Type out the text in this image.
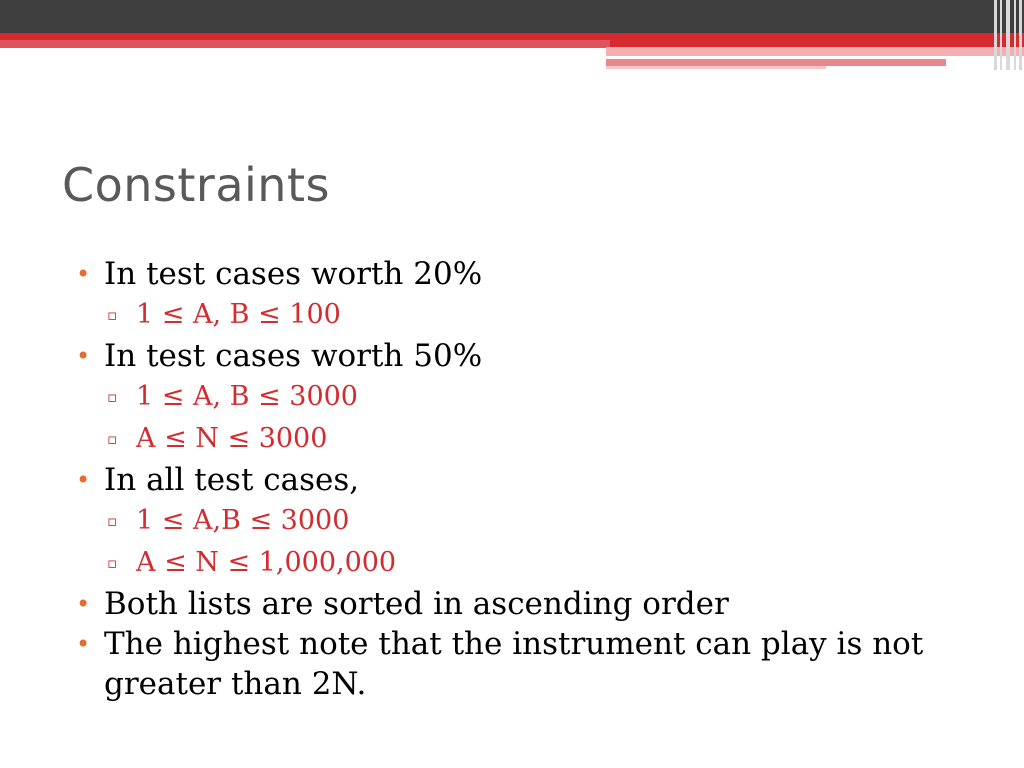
Constraints
• In test cases worth 20%
▫ 1 ≤ A, B ≤ 100
• In test cases worth 50%
▫ 1 ≤ A, B ≤ 3000
▫ A ≤ N ≤ 3000
• In all test cases,
▫ 1 ≤ A,B ≤ 3000
▫ A ≤ N ≤ 1,000,000
• Both lists are sorted in ascending order
• The highest note that the instrument can play is not greater than 2N.
